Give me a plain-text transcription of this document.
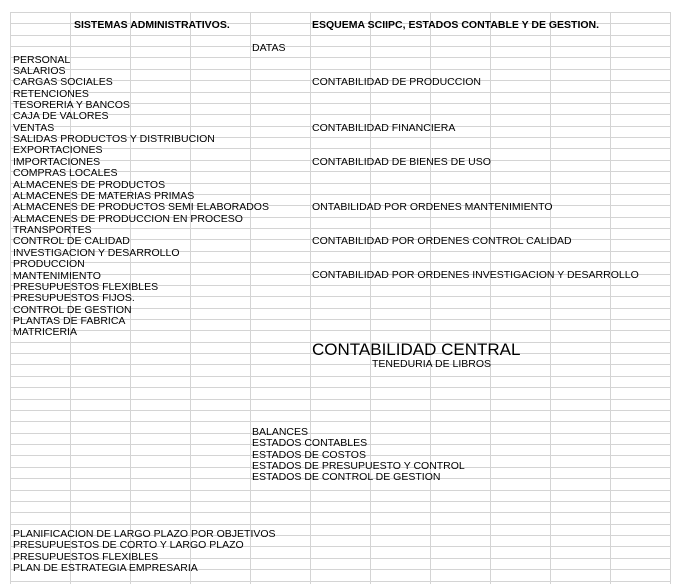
SISTEMAS ADMINISTRATIVOS.	ESQUEMA SCIIPC, ESTADOS CONTABLE Y DE GESTION.
DATAS
PERSONAL
SALARIOS
CARGAS SOCIALES
RETENCIONES
TESORERIA Y BANCOS
CAJA DE VALORES
VENTAS
SALIDAS PRODUCTOS Y DISTRIBUCION
EXPORTACIONES
IMPORTACIONES
COMPRAS LOCALES
ALMACENES DE PRODUCTOS
ALMACENES DE MATERIAS PRIMAS
ALMACENES DE PRODUCTOS SEMI ELABORADOS
ALMACENES DE PRODUCCION EN PROCESO
TRANSPORTES
CONTROL DE CALIDAD
INVESTIGACION Y DESARROLLO
PRODUCCION
MANTENIMIENTO
PRESUPUESTOS FLEXIBLES
PRESUPUESTOS FIJOS.
CONTROL DE GESTION
PLANTAS DE FABRICA
MATRICERIA
CONTABILIDAD DE PRODUCCION
CONTABILIDAD FINANCIERA
CONTABILIDAD DE BIENES DE USO
ONTABILIDAD POR ORDENES MANTENIMIENTO
CONTABILIDAD POR ORDENES CONTROL CALIDAD
CONTABILIDAD POR ORDENES INVESTIGACION Y DESARROLLO
CONTABILIDAD CENTRAL
TENEDURIA DE LIBROS
BALANCES
ESTADOS CONTABLES
ESTADOS DE COSTOS
ESTADOS DE PRESUPUESTO Y CONTROL
ESTADOS DE CONTROL DE GESTION
PLANIFICACION DE LARGO PLAZO POR OBJETIVOS
PRESUPUESTOS DE CORTO Y LARGO PLAZO
PRESUPUESTOS FLEXIBLES
PLAN DE ESTRATEGIA EMPRESARIA
